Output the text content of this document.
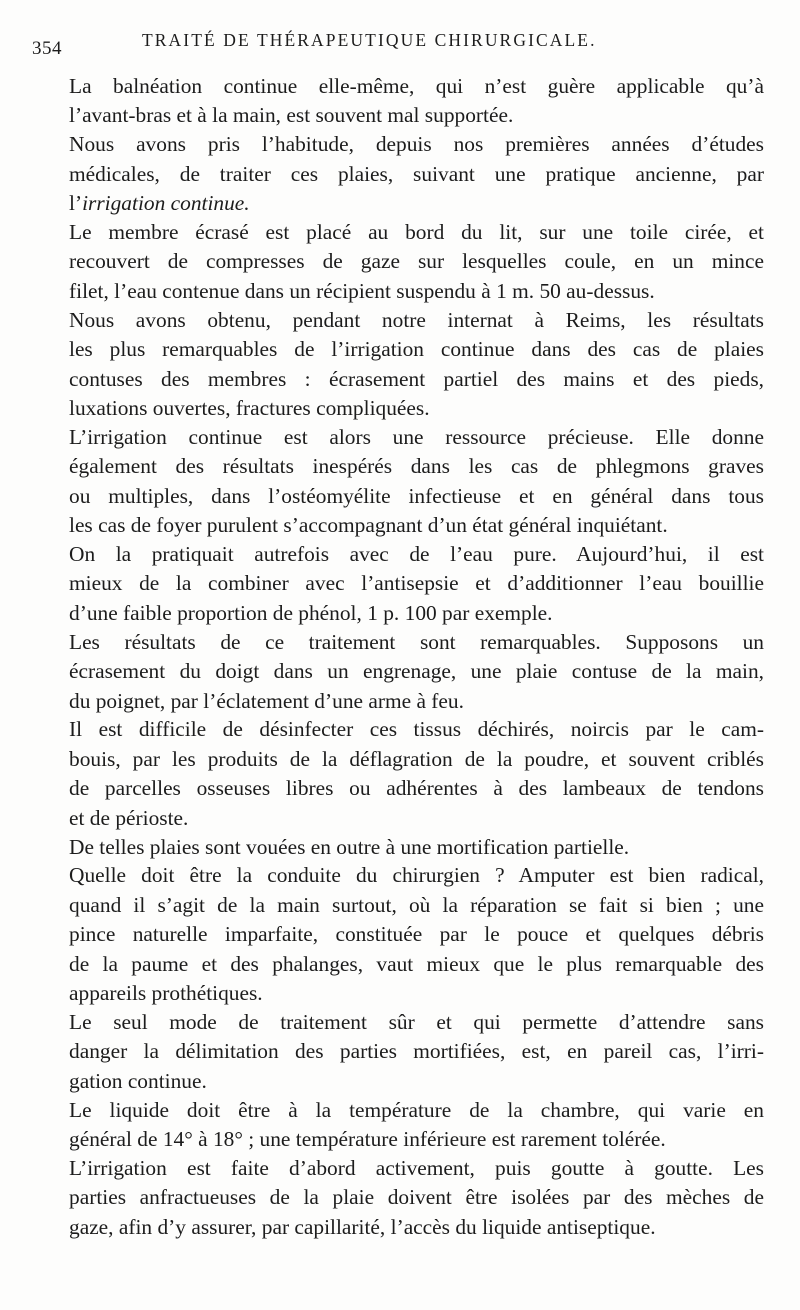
354	TRAITÉ DE THÉRAPEUTIQUE CHIRURGICALE.

La balnéation continue elle-même, qui n’est guère applicable qu’à
l’avant-bras et à la main, est souvent mal supportée.

Nous avons pris l’habitude, depuis nos premières années d’études
médicales, de traiter ces plaies, suivant une pratique ancienne, par
l’irrigation continue.

Le membre écrasé est placé au bord du lit, sur une toile cirée, et
recouvert de compresses de gaze sur lesquelles coule, en un mince
filet, l’eau contenue dans un récipient suspendu à 1 m. 50 au-dessus.

Nous avons obtenu, pendant notre internat à Reims, les résultats
les plus remarquables de l’irrigation continue dans des cas de plaies
contuses des membres : écrasement partiel des mains et des pieds,
luxations ouvertes, fractures compliquées.

L’irrigation continue est alors une ressource précieuse. Elle donne
également des résultats inespérés dans les cas de phlegmons graves
ou multiples, dans l’ostéomyélite infectieuse et en général dans tous
les cas de foyer purulent s’accompagnant d’un état général inquiétant.

On la pratiquait autrefois avec de l’eau pure. Aujourd’hui, il est
mieux de la combiner avec l’antisepsie et d’additionner l’eau bouillie
d’une faible proportion de phénol, 1 p. 100 par exemple.

Les résultats de ce traitement sont remarquables. Supposons un
écrasement du doigt dans un engrenage, une plaie contuse de la main,
du poignet, par l’éclatement d’une arme à feu.

Il est difficile de désinfecter ces tissus déchirés, noircis par le cam-
bouis, par les produits de la déflagration de la poudre, et souvent criblés
de parcelles osseuses libres ou adhérentes à des lambeaux de tendons
et de périoste.

De telles plaies sont vouées en outre à une mortification partielle.

Quelle doit être la conduite du chirurgien ? Amputer est bien radical,
quand il s’agit de la main surtout, où la réparation se fait si bien ; une
pince naturelle imparfaite, constituée par le pouce et quelques débris
de la paume et des phalanges, vaut mieux que le plus remarquable des
appareils prothétiques.

Le seul mode de traitement sûr et qui permette d’attendre sans
danger la délimitation des parties mortifiées, est, en pareil cas, l’irri-
gation continue.

Le liquide doit être à la température de la chambre, qui varie en
général de 14° à 18° ; une température inférieure est rarement tolérée.

L’irrigation est faite d’abord activement, puis goutte à goutte. Les
parties anfractueuses de la plaie doivent être isolées par des mèches de
gaze, afin d’y assurer, par capillarité, l’accès du liquide antiseptique.
